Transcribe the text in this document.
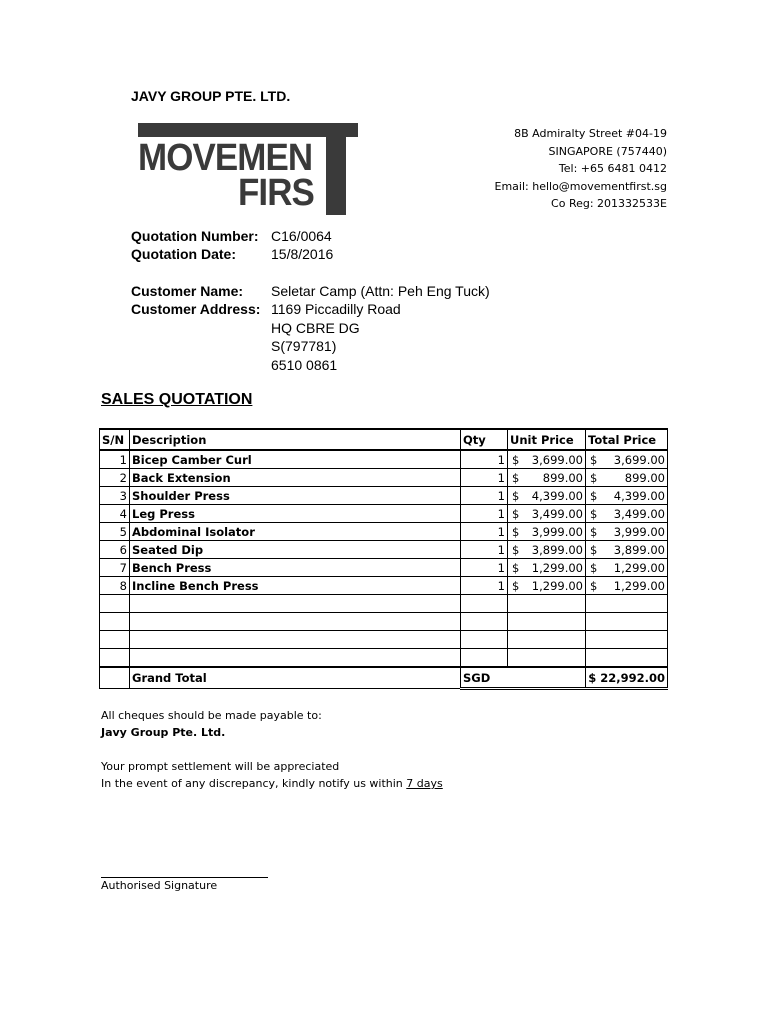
JAVY GROUP PTE. LTD.
MOVEMEN
FIRS
8B Admiralty Street #04-19
SINGAPORE (757440)
Tel: +65 6481 0412
Email: hello@movementfirst.sg
Co Reg: 201332533E
Quotation Number: C16/0064
Quotation Date:	15/8/2016
Customer Name: Seletar Camp (Attn: Peh Eng Tuck)
Customer Address: 1169 Piccadilly Road
HQ CBRE DG
S(797781)
6510 0861
SALES QUOTATION
S/N	Description	Qty	Unit Price	Total Price
1	Bicep Camber Curl	1	$ 3,699.00	$ 3,699.00

2	Back Extension	1	$ 899.00	$ 899.00

3	Shoulder Press	1	$ 4,399.00	$ 4,399.00

4	Leg Press	1	$ 3,499.00	$ 3,499.00

5	Abdominal Isolator	1	$ 3,999.00	$ 3,999.00

6	Seated Dip	1	$ 3,899.00	$ 3,899.00

7	Bench Press	1	$ 1,299.00	$ 1,299.00

8	Incline Bench Press	1	$ 1,299.00	$ 1,299.00

	Grand Total	SGD		$ 22,992.00
All cheques should be made payable to:
Javy Group Pte. Ltd.
Your prompt settlement will be appreciated
In the event of any discrepancy, kindly notify us within 7 days
Authorised Signature
